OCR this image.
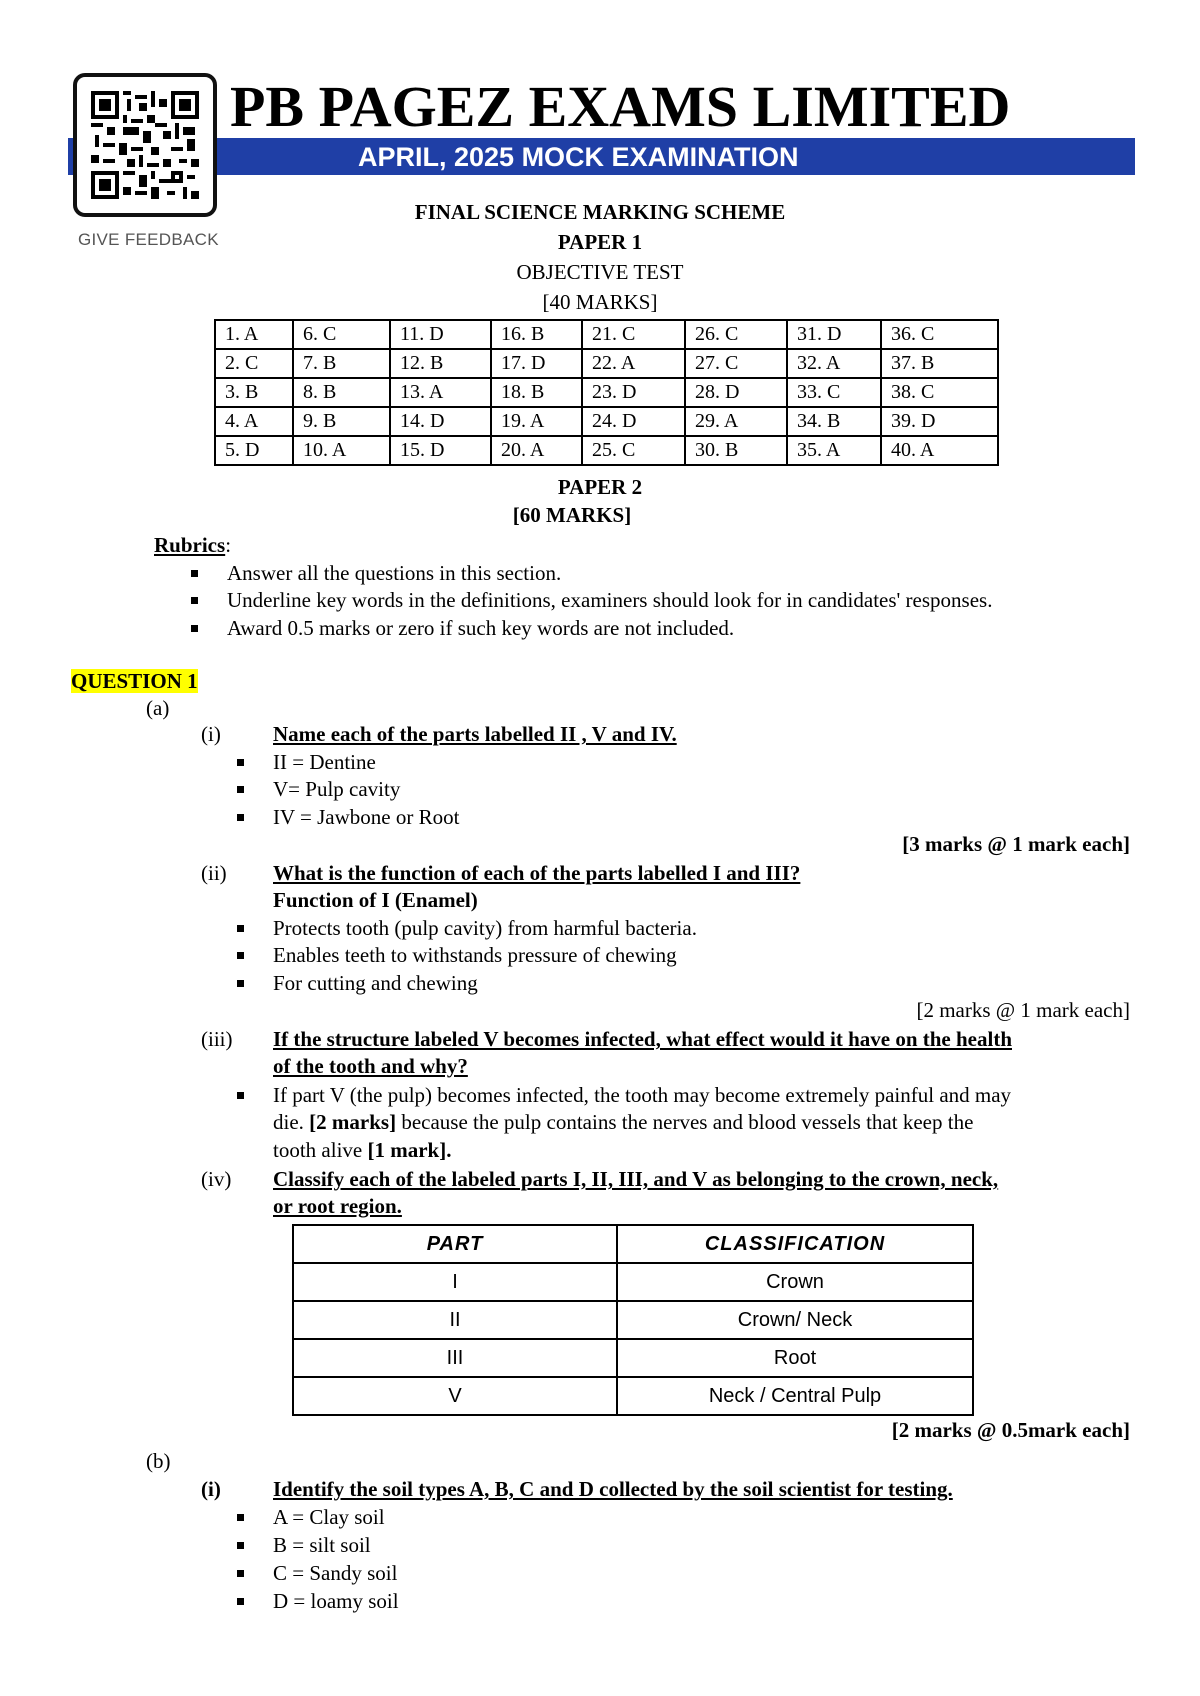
GIVE FEEDBACK
PB PAGEZ EXAMS LIMITED
APRIL, 2025 MOCK EXAMINATION
FINAL SCIENCE MARKING SCHEME
PAPER 1
OBJECTIVE TEST
[40 MARKS]
1. A	6. C	11. D	16. B	21. C	26. C	31. D	36. C
2. C	7. B	12. B	17. D	22. A	27. C	32. A	37. B
3. B	8. B	13. A	18. B	23. D	28. D	33. C	38. C
4. A	9. B	14. D	19. A	24. D	29. A	34. B	39. D
5. D	10. A	15. D	20. A	25. C	30. B	35. A	40. A
PAPER 2
[60 MARKS]
Rubrics:
Answer all the questions in this section.
Underline key words in the definitions, examiners should look for in candidates' responses.
Award 0.5 marks or zero if such key words are not included.
QUESTION 1
(a)
(i) Name each of the parts labelled II , V and IV.
II = Dentine
V= Pulp cavity
IV = Jawbone or Root
[3 marks @ 1 mark each]
(ii) What is the function of each of the parts labelled I and III?
Function of I (Enamel)
Protects tooth (pulp cavity) from harmful bacteria.
Enables teeth to withstands pressure of chewing
For cutting and chewing
[2 marks @ 1 mark each]
(iii) If the structure labeled V becomes infected, what effect would it have on the health
of the tooth and why?
If part V (the pulp) becomes infected, the tooth may become extremely painful and may
die. [2 marks] because the pulp contains the nerves and blood vessels that keep the
tooth alive [1 mark].
(iv) Classify each of the labeled parts I, II, III, and V as belonging to the crown, neck,
or root region.
PART	CLASSIFICATION
I	Crown
II	Crown/ Neck
III	Root
V	Neck / Central Pulp
[2 marks @ 0.5mark each]
(b)
(i) Identify the soil types A, B, C and D collected by the soil scientist for testing.
A = Clay soil
B = silt soil
C = Sandy soil
D = loamy soil
